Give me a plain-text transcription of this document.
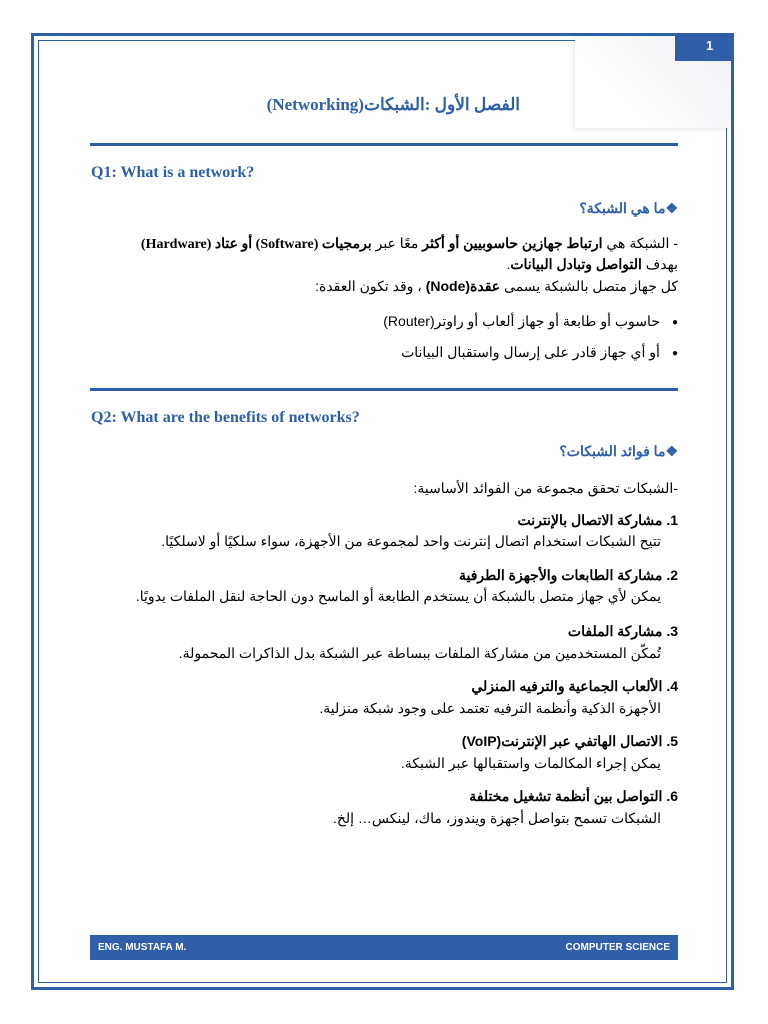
1
الفصل الأول :الشبكات(Networking)
Q1: What is a network?
❖ما هي الشبكة؟
- الشبكة هي ارتباط جهازين حاسوبيين أو أكثر معًا عبر برمجيات (Software) أو عتاد (Hardware)
بهدف التواصل وتبادل البيانات.
كل جهاز متصل بالشبكة يسمى عقدة(Node) ، وقد تكون العقدة:
●حاسوب أو طابعة أو جهاز ألعاب أو راوتر(Router)
●أو أي جهاز قادر على إرسال واستقبال البيانات
Q2: What are the benefits of networks?
❖ما فوائد الشبكات؟
-الشبكات تحقق مجموعة من الفوائد الأساسية:
1. مشاركة الاتصال بالإنترنت
تتيح الشبكات استخدام اتصال إنترنت واحد لمجموعة من الأجهزة، سواء سلكيًا أو لاسلكيًا.
2. مشاركة الطابعات والأجهزة الطرفية
يمكن لأي جهاز متصل بالشبكة أن يستخدم الطابعة أو الماسح دون الحاجة لنقل الملفات يدويًا.
3. مشاركة الملفات
تُمكّن المستخدمين من مشاركة الملفات ببساطة عبر الشبكة بدل الذاكرات المحمولة.
4. الألعاب الجماعية والترفيه المنزلي
الأجهزة الذكية وأنظمة الترفيه تعتمد على وجود شبكة منزلية.
5. الاتصال الهاتفي عبر الإنترنت(VoIP)
يمكن إجراء المكالمات واستقبالها عبر الشبكة.
6. التواصل بين أنظمة تشغيل مختلفة
الشبكات تسمح بتواصل أجهزة ويندوز، ماك، لينكس… إلخ.
ENG. MUSTAFA M.	COMPUTER SCIENCE
